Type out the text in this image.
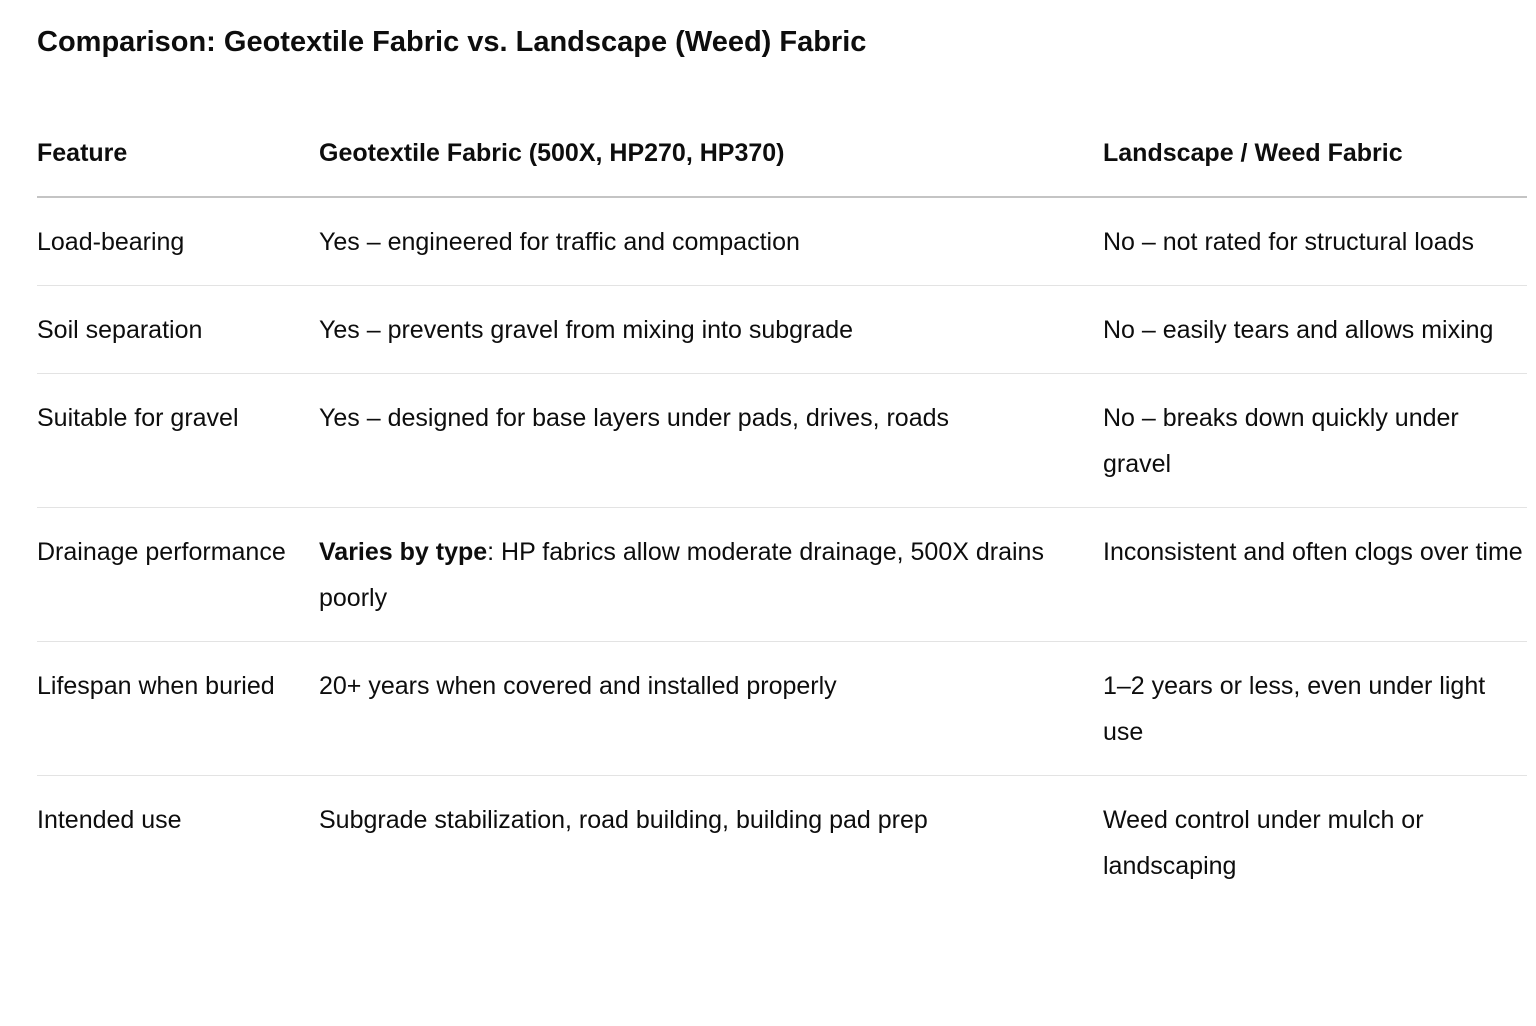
Comparison: Geotextile Fabric vs. Landscape (Weed) Fabric
Feature	Geotextile Fabric (500X, HP270, HP370)	Landscape / Weed Fabric
Load-bearing	Yes – engineered for traffic and compaction	No – not rated for structural loads
Soil separation	Yes – prevents gravel from mixing into subgrade	No – easily tears and allows mixing
Suitable for gravel	Yes – designed for base layers under pads, drives, roads	No – breaks down quickly under gravel
Drainage performance	Varies by type: HP fabrics allow moderate drainage, 500X drains poorly	Inconsistent and often clogs over time
Lifespan when buried	20+ years when covered and installed properly	1–2 years or less, even under light use
Intended use	Subgrade stabilization, road building, building pad prep	Weed control under mulch or landscaping
